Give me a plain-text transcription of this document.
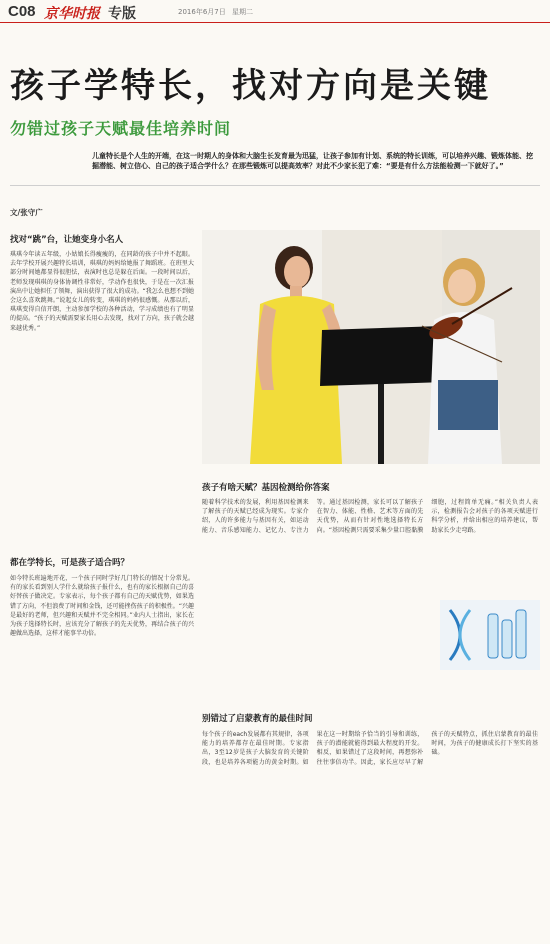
C08 京华时报 专版	2016年6月7日 星期二
孩子学特长，找对方向是关键
勿错过孩子天赋最佳培养时间
儿童特长是个人生的开端，在这一时期人的身体和大脑生长发育最为迅猛，让孩子参加有计划、系统的特长训练，可以培养兴趣、锻炼体能、挖掘潜能、树立信心、自己的孩子适合学什么？在那些锻炼可以提高效率？对此不少家长犯了难：“要是有什么方法能检测一下就好了。”
文/张守广
找对“跳”台，让她变身小名人
琪琪今年读五年级，小姑娘长得瘦瘦的，在同龄的孩子中并不起眼。去年学校开展兴趣特长培训，琪琪的妈妈给她报了舞蹈班。在班里大部分时间她都显得很胆怯，表演时也总是躲在后面。一段时间以后，老师发现琪琪的身体协调性非常好，学动作也很快，于是在一次汇报演出中让她担任了领舞，演出获得了很大的成功。“我怎么也想不到她会这么喜欢跳舞。”说起女儿的转变，琪琪的妈妈很感慨。从那以后，琪琪变得自信开朗，主动参加学校的各种活动，学习成绩也有了明显的提高。“孩子的天赋需要家长用心去发现，找对了方向，孩子就会越来越优秀。”
都在学特长，可是孩子适合吗？
如今特长班遍地开花，一个孩子同时学好几门特长的情况十分常见。有的家长看到别人学什么就给孩子报什么，也有的家长根据自己的喜好替孩子做决定。专家表示，每个孩子都有自己的天赋优势，如果选错了方向，不但浪费了时间和金钱，还可能挫伤孩子的积极性。“兴趣是最好的老师，但兴趣和天赋并不完全相同。”业内人士指出，家长在为孩子选择特长时，应该充分了解孩子的先天优势，再结合孩子的兴趣做出选择，这样才能事半功倍。
孩子有啥天赋？基因检测给你答案
随着科学技术的发展，利用基因检测来了解孩子的天赋已经成为现实。专家介绍，人的许多能力与基因有关，如运动能力、音乐感知能力、记忆力、专注力等。通过基因检测，家长可以了解孩子在智力、体能、性格、艺术等方面的先天优势，从而有针对性地选择特长方向。“基因检测只需要采集少量口腔黏膜细胞，过程简单无痛。”相关负责人表示，检测报告会对孩子的各项天赋进行科学分析，并给出相应的培养建议，帮助家长少走弯路。
别错过了启蒙教育的最佳时间
每个孩子的each发展都有其规律，各项能力的培养都存在最佳时期。专家指出，3至12岁是孩子大脑发育的关键阶段，也是培养各项能力的黄金时期。如果在这一时期给予恰当的引导和训练，孩子的潜能就能得到最大程度的开发。相反，如果错过了这段时间，再想弥补往往事倍功半。因此，家长应尽早了解孩子的天赋特点，抓住启蒙教育的最佳时间，为孩子的健康成长打下坚实的基础。
